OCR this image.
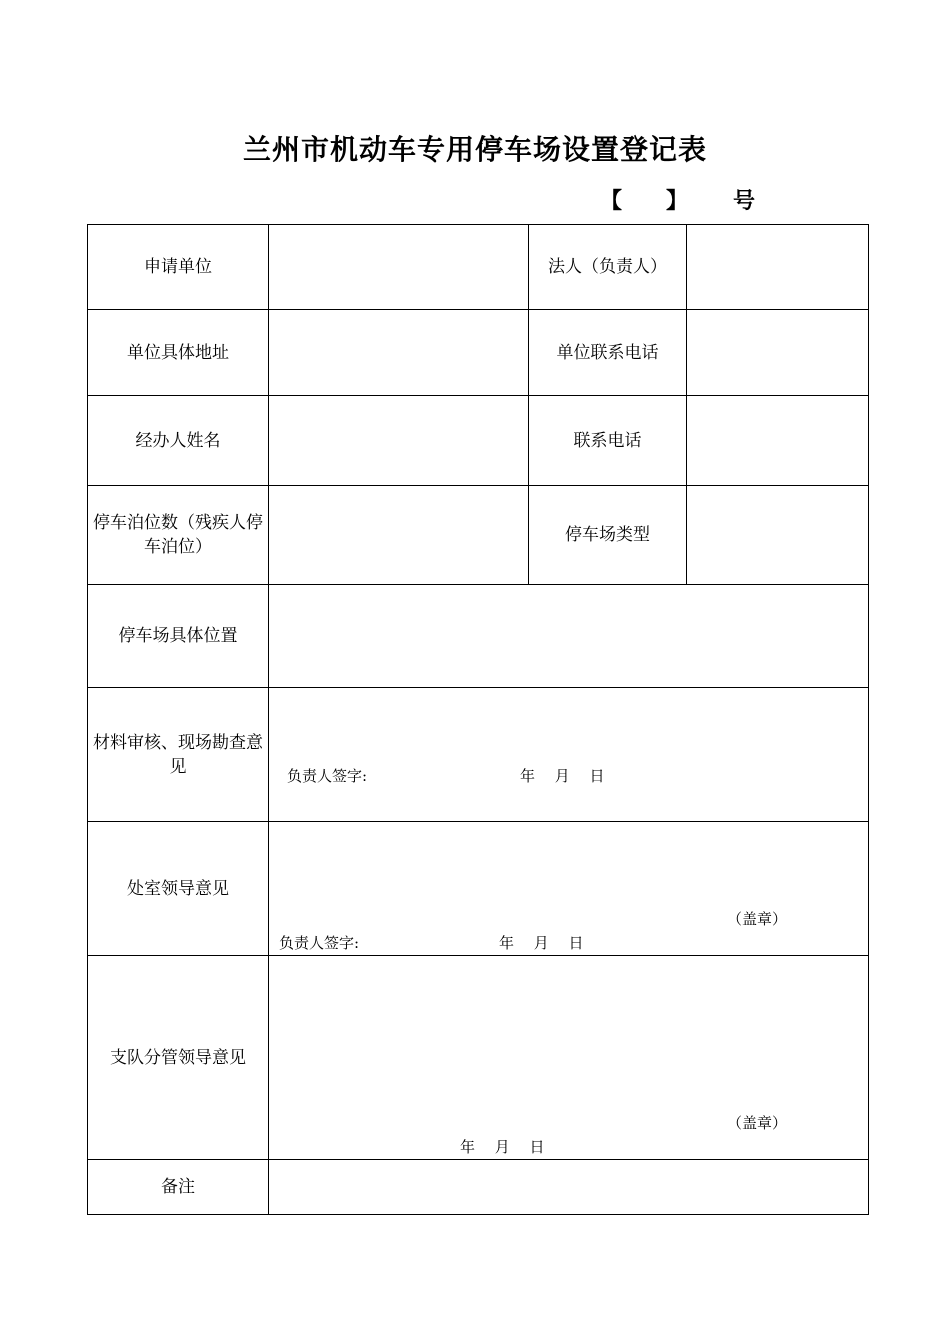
兰州市机动车专用停车场设置登记表
【 】 号
申请单位		法人（负责人）	
单位具体地址		单位联系电话	
经办人姓名		联系电话	
停车泊位数（残疾人停车泊位）		停车场类型	
停车场具体位置			
材料审核、现场勘查意见	负责人签字: 年　 月　 日		

处室领导意见	（盖章）
负责人签字: 年　 月　 日		

支队分管领导意见	（盖章）
年　 月　 日		

备注			
